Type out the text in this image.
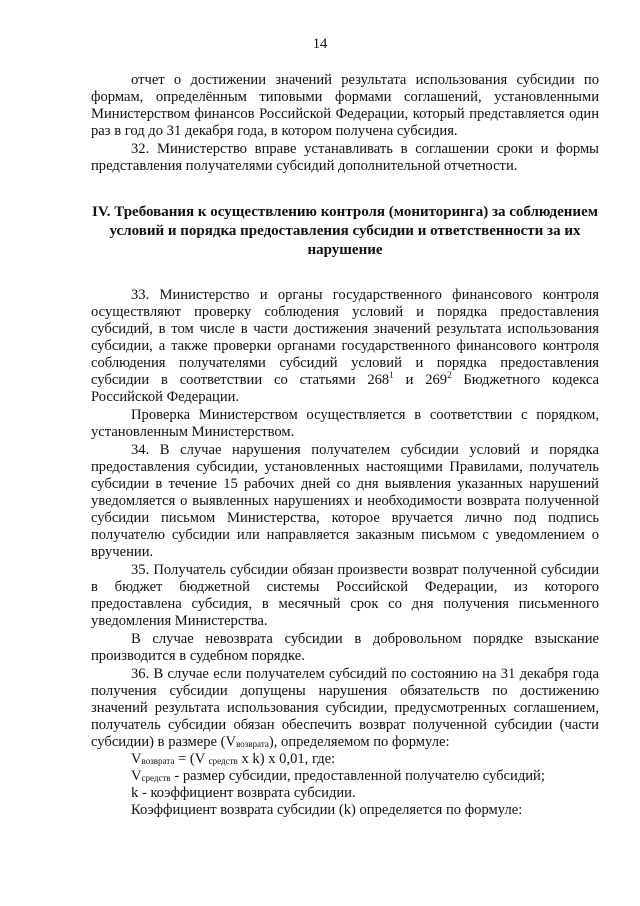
14

отчет о достижении значений результата использования субсидии по формам, определённым типовыми формами соглашений, установленными Министерством финансов Российской Федерации, который представляется один раз в год до 31 декабря года, в котором получена субсидия.

32. Министерство вправе устанавливать в соглашении сроки и формы представления получателями субсидий дополнительной отчетности.

IV. Требования к осуществлению контроля (мониторинга) за соблюдением условий и порядка предоставления субсидии и ответственности за их нарушение

33. Министерство и органы государственного финансового контроля осуществляют проверку соблюдения условий и порядка предоставления субсидий, в том числе в части достижения значений результата использования субсидии, а также проверки органами государственного финансового контроля соблюдения получателями субсидий условий и порядка предоставления субсидии в соответствии со статьями $268^1$ и $269^2$ Бюджетного кодекса Российской Федерации.

Проверка Министерством осуществляется в соответствии с порядком, установленным Министерством.

34. В случае нарушения получателем субсидии условий и порядка предоставления субсидии, установленных настоящими Правилами, получатель субсидии в течение 15 рабочих дней со дня выявления указанных нарушений уведомляется о выявленных нарушениях и необходимости возврата полученной субсидии письмом Министерства, которое вручается лично под подпись получателю субсидии или направляется заказным письмом с уведомлением о вручении.

35. Получатель субсидии обязан произвести возврат полученной субсидии в бюджет бюджетной системы Российской Федерации, из которого предоставлена субсидия, в месячный срок со дня получения письменного уведомления Министерства.

В случае невозврата субсидии в добровольном порядке взыскание производится в судебном порядке.

36. В случае если получателем субсидий по состоянию на 31 декабря года получения субсидии допущены нарушения обязательств по достижению значений результата использования субсидии, предусмотренных соглашением, получатель субсидии обязан обеспечить возврат полученной субсидии (части субсидии) в размере $(V_{возврата})$, определяемом по формуле:

$V_{возврата} = (V$ $_{средств}$ x k) x 0,01, где:

$V_{средств}$ - размер субсидии, предоставленной получателю субсидий;

k - коэффициент возврата субсидии.

Коэффициент возврата субсидии (k) определяется по формуле:
